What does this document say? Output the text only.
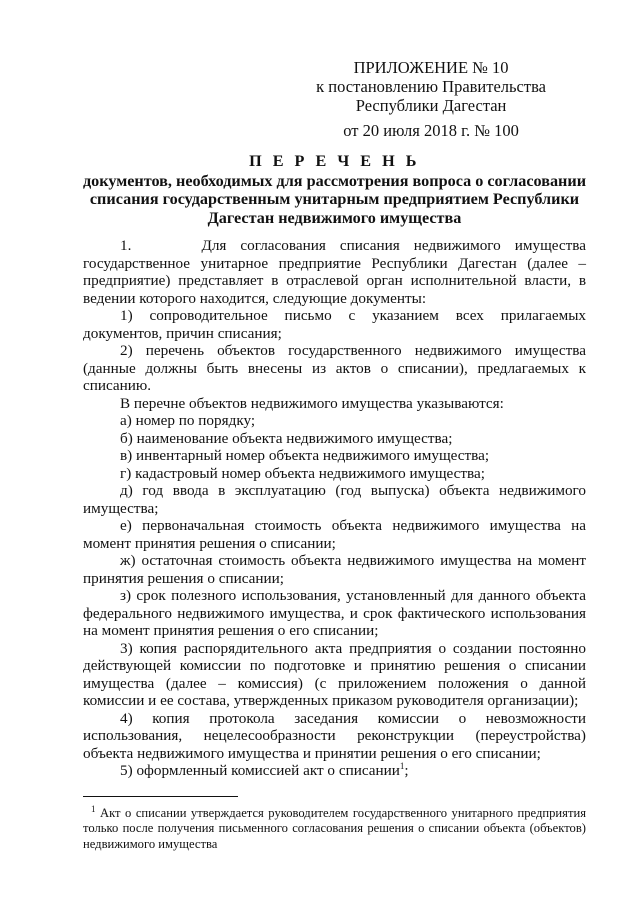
ПРИЛОЖЕНИЕ № 10
к постановлению Правительства
Республики Дагестан
от 20 июля 2018 г. № 100
П Е Р Е Ч Е Н Ь
документов, необходимых для рассмотрения вопроса о согласовании
списания государственным унитарным предприятием Республики
Дагестан недвижимого имущества

1.     Для согласования списания недвижимого имущества государственное унитарное предприятие Республики Дагестан (далее – предприятие) представляет в отраслевой орган исполнительной власти, в ведении которого находится, следующие документы:

1) сопроводительное письмо с указанием всех прилагаемых документов, причин списания;

2) перечень объектов государственного недвижимого имущества (данные должны быть внесены из актов о списании), предлагаемых к списанию.

В перечне объектов недвижимого имущества указываются:

а) номер по порядку;

б) наименование объекта недвижимого имущества;

в) инвентарный номер объекта недвижимого имущества;

г) кадастровый номер объекта недвижимого имущества;

д) год ввода в эксплуатацию (год выпуска) объекта недвижимого имущества;

е) первоначальная стоимость объекта недвижимого имущества на момент принятия решения о списании;

ж) остаточная стоимость объекта недвижимого имущества на момент принятия решения о списании;

з) срок полезного использования, установленный для данного объекта федерального недвижимого имущества, и срок фактического использования на момент принятия решения о его списании;

3) копия распорядительного акта предприятия о создании постоянно действующей комиссии по подготовке и принятию решения о списании имущества (далее – комиссия) (с приложением положения о данной комиссии и ее состава, утвержденных приказом руководителя организации);

4) копия протокола заседания комиссии о невозможности использования, нецелесообразности реконструкции (переустройства) объекта недвижимого имущества и принятии решения о его списании;

5) оформленный комиссией акт о списании$^1$;

$^1$ Акт о списании утверждается руководителем государственного унитарного предприятия только после получения письменного согласования решения о списании объекта (объектов) недвижимого имущества
